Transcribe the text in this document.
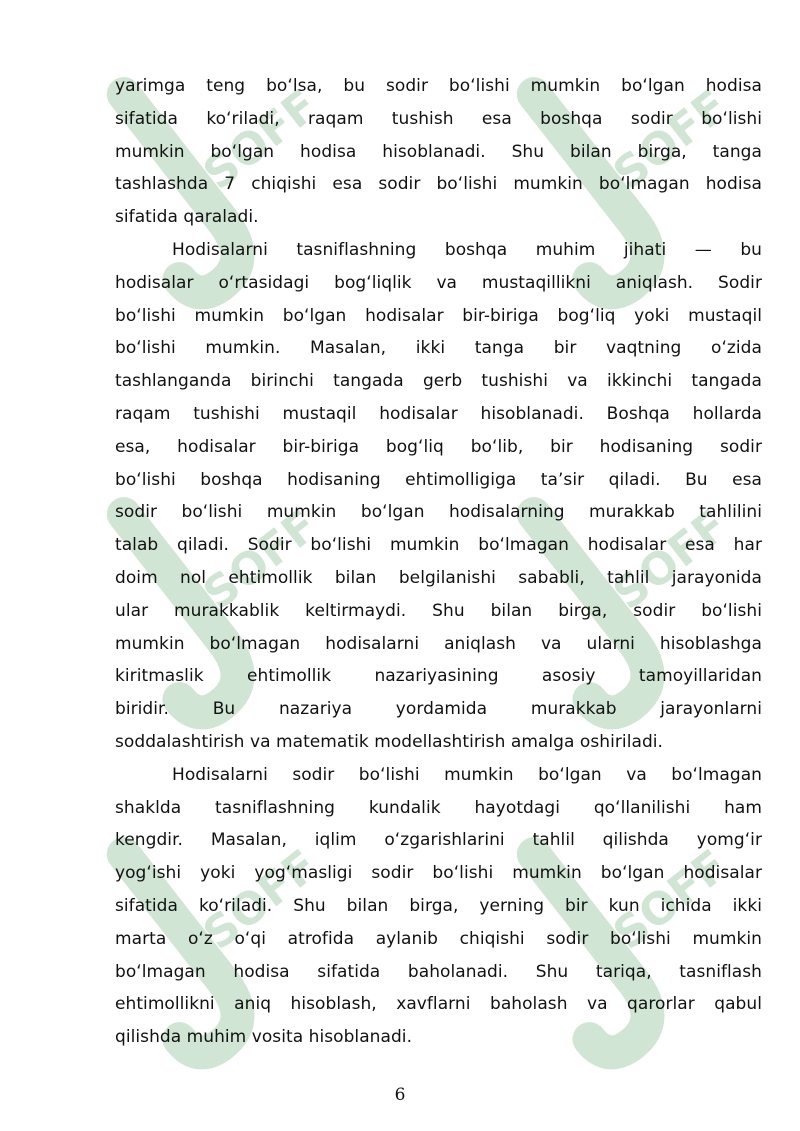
SOFF	SOFF
SOFF	SOFF
SOFF	SOFF
yarimga teng boʻlsa, bu sodir boʻlishi mumkin boʻlgan hodisa
sifatida koʻriladi, raqam tushish esa boshqa sodir boʻlishi
mumkin boʻlgan hodisa hisoblanadi. Shu bilan birga, tanga
tashlashda 7 chiqishi esa sodir boʻlishi mumkin boʻlmagan hodisa
sifatida qaraladi.
Hodisalarni tasniflashning boshqa muhim jihati — bu
hodisalar oʻrtasidagi bogʻliqlik va mustaqillikni aniqlash. Sodir
boʻlishi mumkin boʻlgan hodisalar bir-biriga bogʻliq yoki mustaqil
boʻlishi mumkin. Masalan, ikki tanga bir vaqtning oʻzida
tashlanganda birinchi tangada gerb tushishi va ikkinchi tangada
raqam tushishi mustaqil hodisalar hisoblanadi. Boshqa hollarda
esa, hodisalar bir-biriga bogʻliq boʻlib, bir hodisaning sodir
boʻlishi boshqa hodisaning ehtimolligiga taʼsir qiladi. Bu esa
sodir boʻlishi mumkin boʻlgan hodisalarning murakkab tahlilini
talab qiladi. Sodir boʻlishi mumkin boʻlmagan hodisalar esa har
doim nol ehtimollik bilan belgilanishi sababli, tahlil jarayonida
ular murakkablik keltirmaydi. Shu bilan birga, sodir boʻlishi
mumkin boʻlmagan hodisalarni aniqlash va ularni hisoblashga
kiritmaslik ehtimollik nazariyasining asosiy tamoyillaridan
biridir. Bu nazariya yordamida murakkab jarayonlarni
soddalashtirish va matematik modellashtirish amalga oshiriladi.
Hodisalarni sodir boʻlishi mumkin boʻlgan va boʻlmagan
shaklda tasniflashning kundalik hayotdagi qoʻllanilishi ham
kengdir. Masalan, iqlim oʻzgarishlarini tahlil qilishda yomgʻir
yogʻishi yoki yogʻmasligi sodir boʻlishi mumkin boʻlgan hodisalar
sifatida koʻriladi. Shu bilan birga, yerning bir kun ichida ikki
marta oʻz oʻqi atrofida aylanib chiqishi sodir boʻlishi mumkin
boʻlmagan hodisa sifatida baholanadi. Shu tariqa, tasniflash
ehtimollikni aniq hisoblash, xavflarni baholash va qarorlar qabul
qilishda muhim vosita hisoblanadi.
6
